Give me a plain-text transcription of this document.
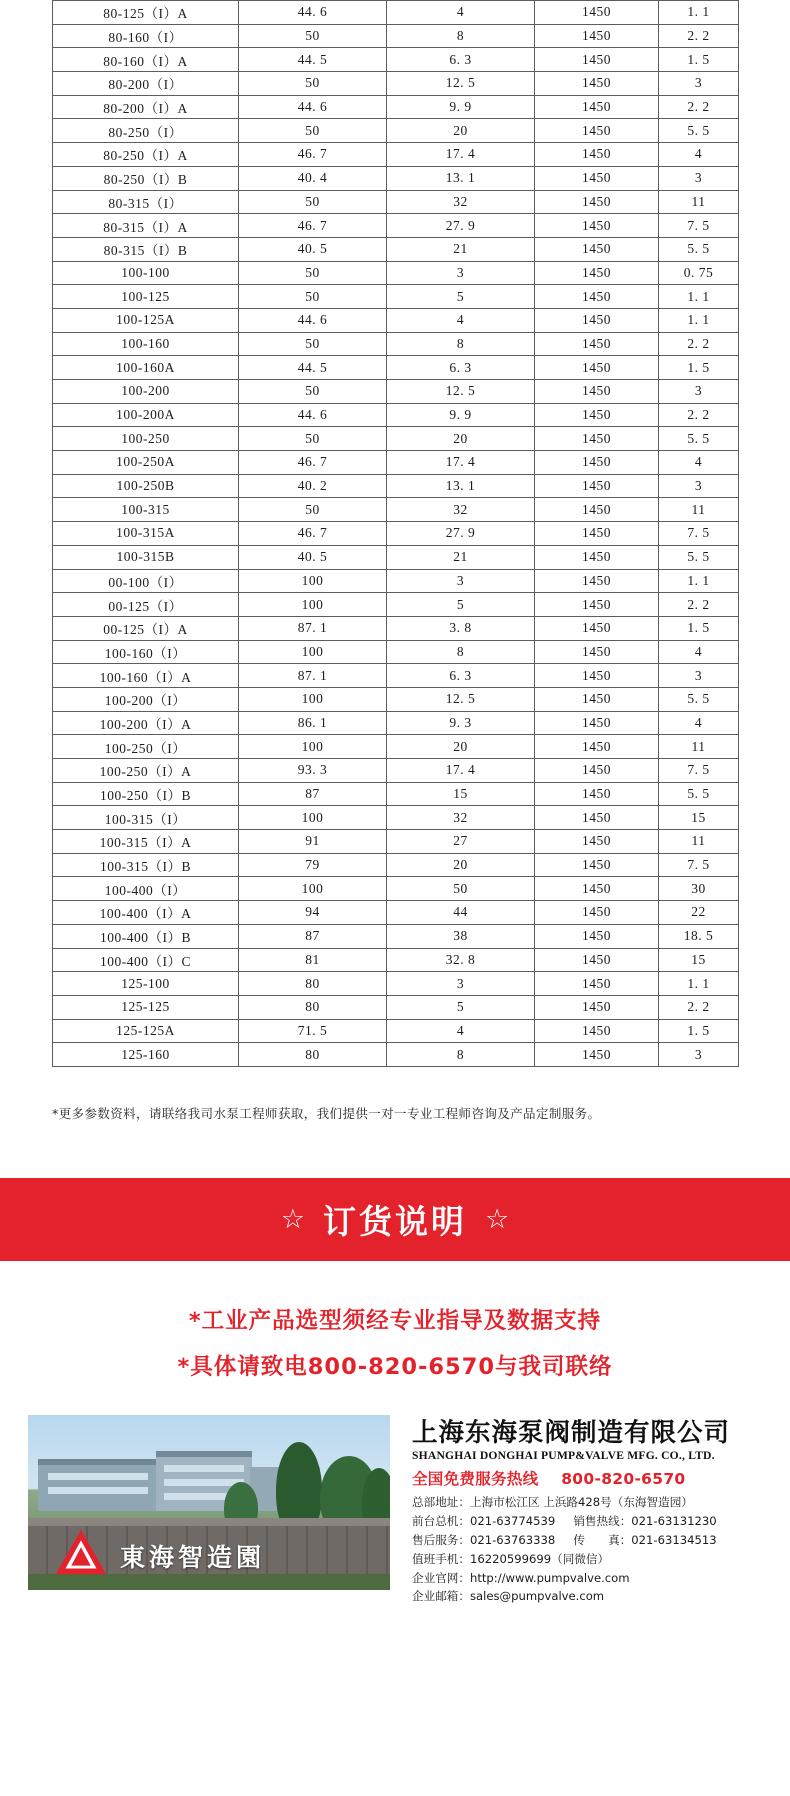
80-125（I）A	44. 6	4	1450	1. 1
80-160（I）	50	8	1450	2. 2
80-160（I）A	44. 5	6. 3	1450	1. 5
80-200（I）	50	12. 5	1450	3
80-200（I）A	44. 6	9. 9	1450	2. 2
80-250（I）	50	20	1450	5. 5
80-250（I）A	46. 7	17. 4	1450	4
80-250（I）B	40. 4	13. 1	1450	3
80-315（I）	50	32	1450	11
80-315（I）A	46. 7	27. 9	1450	7. 5
80-315（I）B	40. 5	21	1450	5. 5
100-100	50	3	1450	0. 75
100-125	50	5	1450	1. 1
100-125A	44. 6	4	1450	1. 1
100-160	50	8	1450	2. 2
100-160A	44. 5	6. 3	1450	1. 5
100-200	50	12. 5	1450	3
100-200A	44. 6	9. 9	1450	2. 2
100-250	50	20	1450	5. 5
100-250A	46. 7	17. 4	1450	4
100-250B	40. 2	13. 1	1450	3
100-315	50	32	1450	11
100-315A	46. 7	27. 9	1450	7. 5
100-315B	40. 5	21	1450	5. 5
00-100（I）	100	3	1450	1. 1
00-125（I）	100	5	1450	2. 2
00-125（I）A	87. 1	3. 8	1450	1. 5
100-160（I）	100	8	1450	4
100-160（I）A	87. 1	6. 3	1450	3
100-200（I）	100	12. 5	1450	5. 5
100-200（I）A	86. 1	9. 3	1450	4
100-250（I）	100	20	1450	11
100-250（I）A	93. 3	17. 4	1450	7. 5
100-250（I）B	87	15	1450	5. 5
100-315（I）	100	32	1450	15
100-315（I）A	91	27	1450	11
100-315（I）B	79	20	1450	7. 5
100-400（I）	100	50	1450	30
100-400（I）A	94	44	1450	22
100-400（I）B	87	38	1450	18. 5
100-400（I）C	81	32. 8	1450	15
125-100	80	3	1450	1. 1
125-125	80	5	1450	2. 2
125-125A	71. 5	4	1450	1. 5
125-160	80	8	1450	3
*更多参数资料，请联络我司水泵工程师获取，我们提供一对一专业工程师咨询及产品定制服务。
☆ 订货说明 ☆
*工业产品选型须经专业指导及数据支持
*具体请致电800-820-6570与我司联络
東海智造園
上海东海泵阀制造有限公司
SHANGHAI DONGHAI PUMP&VALVE MFG. CO., LTD.
全国免费服务热线 800-820-6570
总部地址：上海市松江区 上浜路428号（东海智造园）
前台总机：021-63774539 销售热线：021-63131230
售后服务：021-63763338 传　　真：021-63134513
值班手机：16220599699（同微信）
企业官网：http://www.pumpvalve.com
企业邮箱：sales@pumpvalve.com
